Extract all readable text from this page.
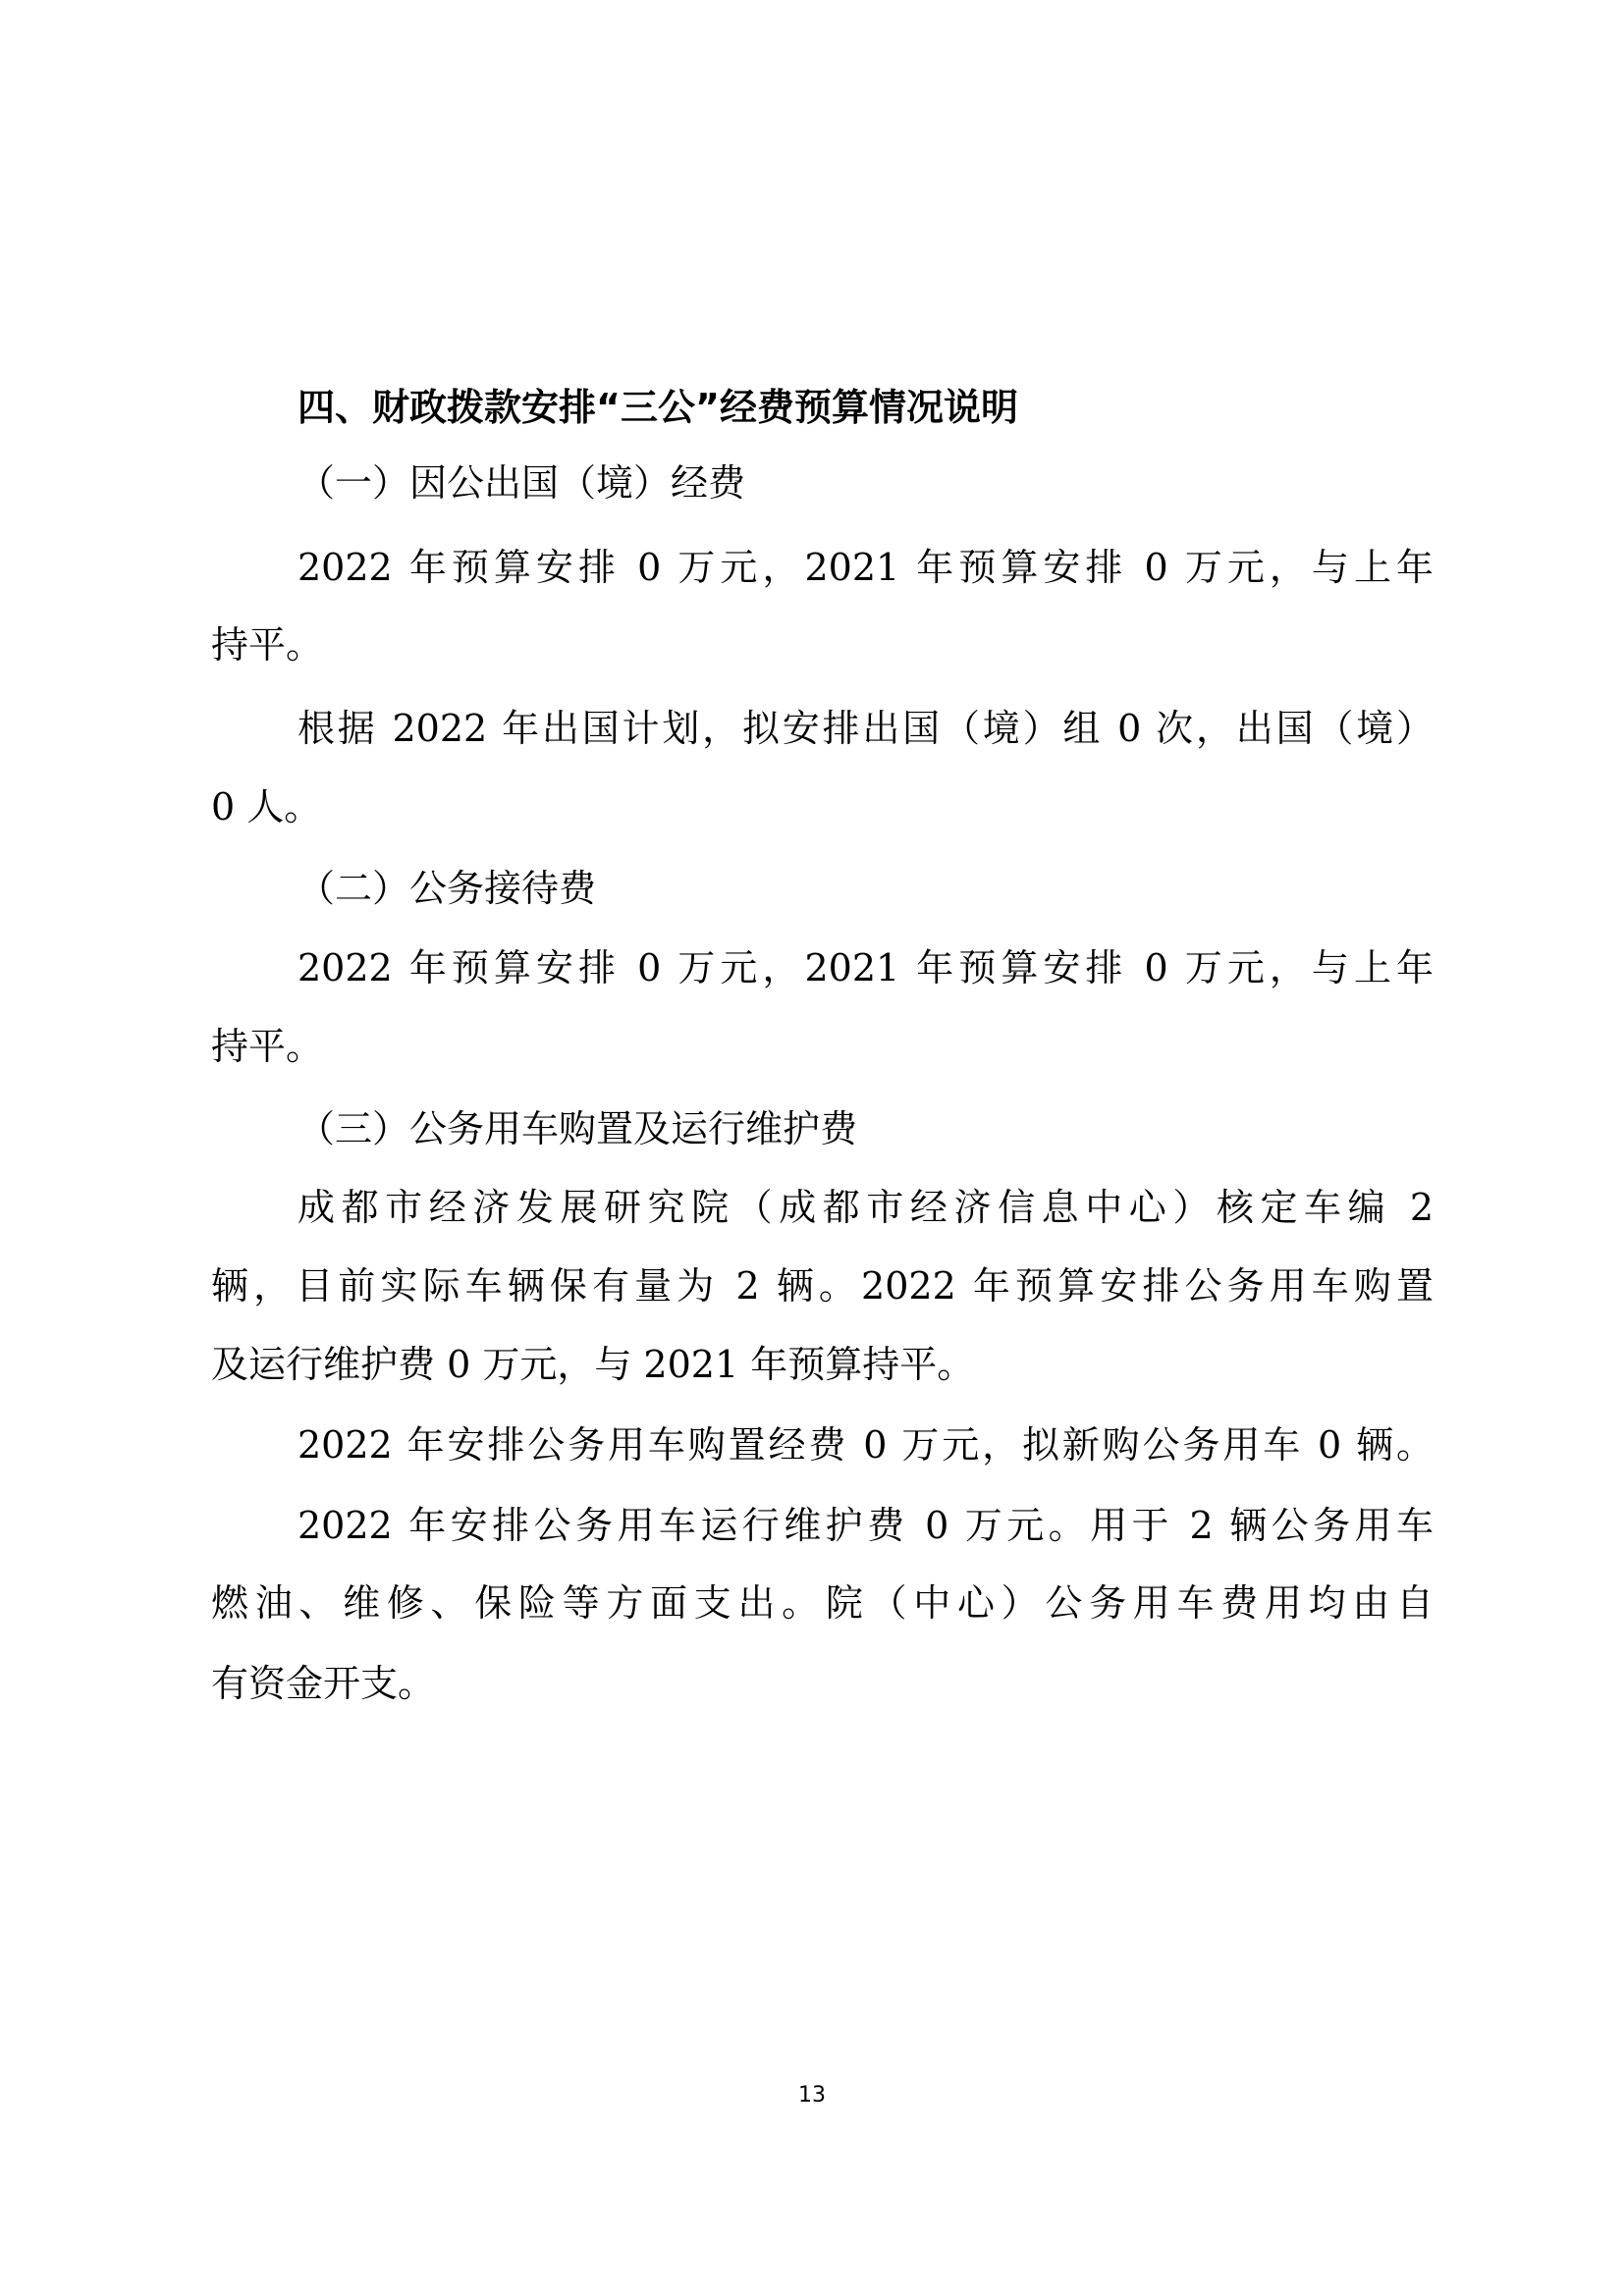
四、财政拨款安排“三公”经费预算情况说明
（一）因公出国（境）经费
2022 年预算安排 0 万元，2021 年预算安排 0 万元，与上年
持平。
根据 2022 年出国计划，拟安排出国（境）组 0 次，出国（境）
0 人。
（二）公务接待费
2022 年预算安排 0 万元，2021 年预算安排 0 万元，与上年
持平。
（三）公务用车购置及运行维护费
成都市经济发展研究院（成都市经济信息中心）核定车编 2
辆，目前实际车辆保有量为 2 辆。2022 年预算安排公务用车购置
及运行维护费 0 万元，与 2021 年预算持平。
2022 年安排公务用车购置经费 0 万元，拟新购公务用车 0 辆。
2022 年安排公务用车运行维护费 0 万元。用于 2 辆公务用车
燃油、维修、保险等方面支出。院（中心）公务用车费用均由自
有资金开支。
13
